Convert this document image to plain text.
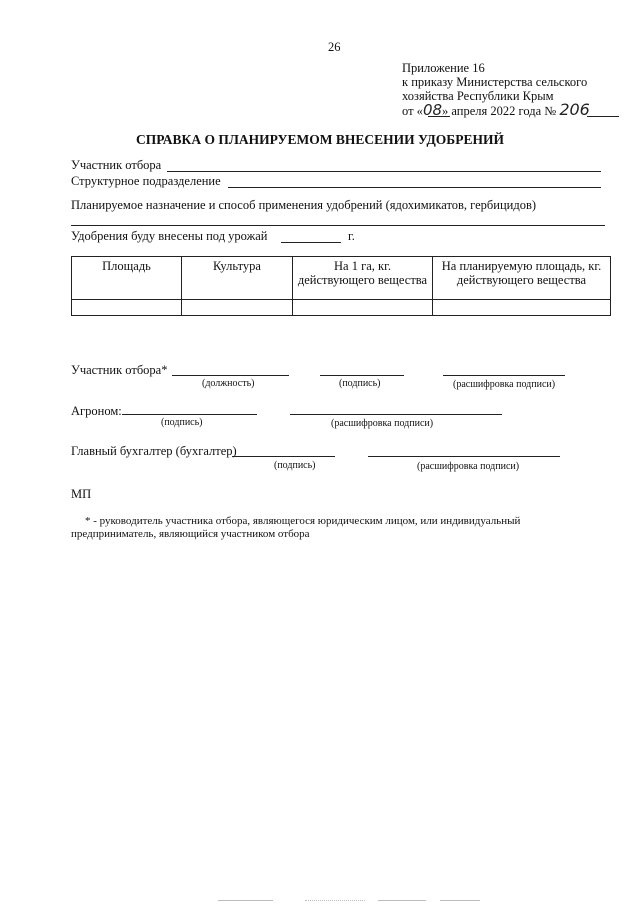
26
Приложение 16
к приказу Министерства сельского
хозяйства Республики Крым
от «08» апреля 2022 года № 206
СПРАВКА О ПЛАНИРУЕМОМ ВНЕСЕНИИ УДОБРЕНИЙ
Участник отбора
Структурное подразделение
Планируемое назначение и способ применения удобрений (ядохимикатов, гербицидов)
Удобрения буду внесены под урожай	г.
Площадь	Культура	На 1 га, кг. действующего вещества	На планируемую площадь, кг. действующего вещества

Участник отбора*
(должность)	(подпись)	(расшифровка подписи)
Агроном:
(подпись)	(расшифровка подписи)
Главный бухгалтер (бухгалтер)
(подпись)	(расшифровка подписи)
МП
* - руководитель участника отбора, являющегося юридическим лицом, или индивидуальный
предприниматель, являющийся участником отбора
